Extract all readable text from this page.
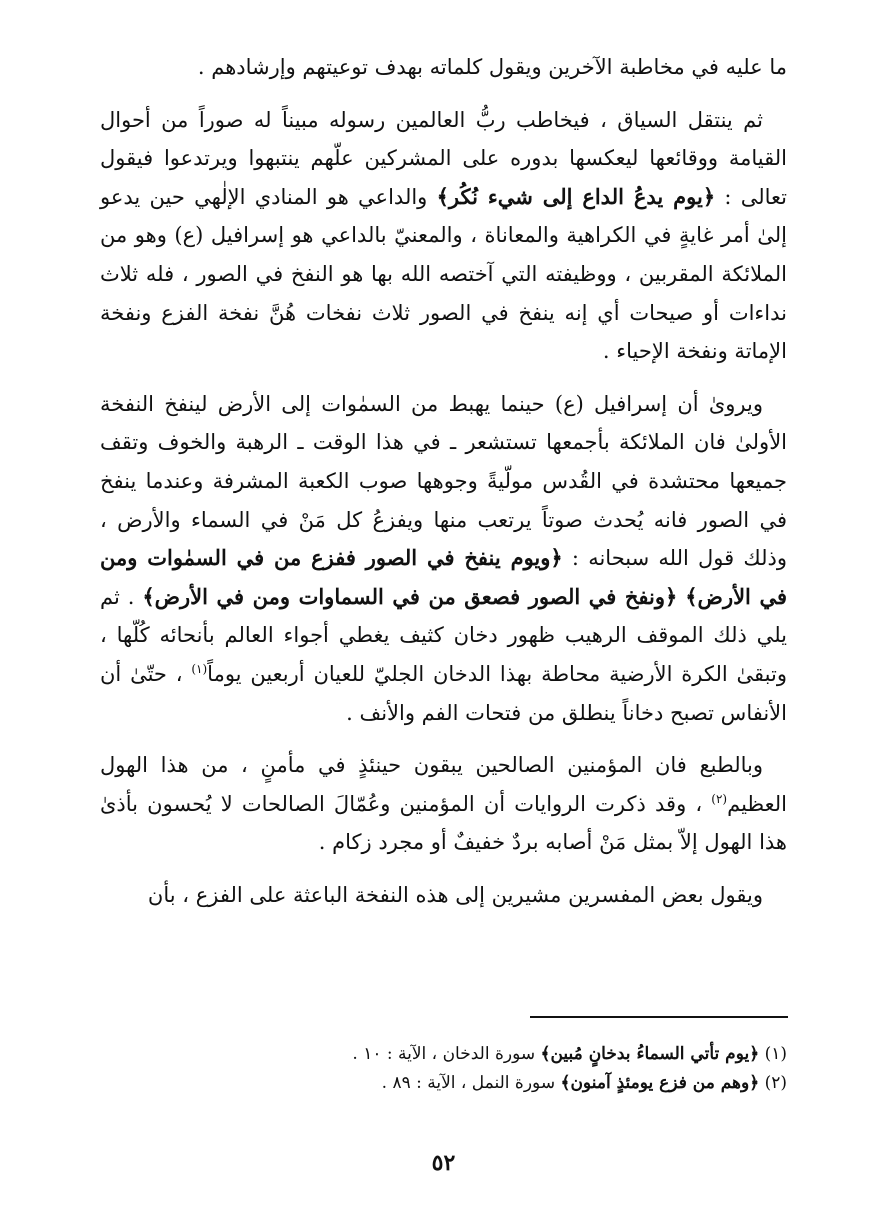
ما عليه في مخاطبة الآخرين ويقول كلماته بهدف توعيتهم وإرشادهم .

ثم ينتقل السياق ، فيخاطب ربُّ العالمين رسوله مبيناً له صوراً من أحوال القيامة ووقائعها ليعكسها بدوره على المشركين علّهم ينتبهوا ويرتدعوا فيقول تعالى : ﴿يوم يدعُ الداع إلى شيء نُكُر﴾ والداعي هو المنادي الإلٰهي حين يدعو إلىٰ أمر غايةٍ في الكراهية والمعاناة ، والمعنيّ بالداعي هو إسرافيل (ع) وهو من الملائكة المقربين ، ووظيفته التي آختصه الله بها هو النفخ في الصور ، فله ثلاث نداءات أو صيحات أي إنه ينفخ في الصور ثلاث نفخات هُنَّ نفخة الفزع ونفخة الإماتة ونفخة الإحياء .

ويروىٰ أن إسرافيل (ع) حينما يهبط من السمٰوات إلى الأرض لينفخ النفخة الأولىٰ فان الملائكة بأجمعها تستشعر ـ في هذا الوقت ـ الرهبة والخوف وتقف جميعها محتشدة في القُدس مولّيةً وجوهها صوب الكعبة المشرفة وعندما ينفخ في الصور فانه يُحدث صوتاً يرتعب منها ويفزعُ كل مَنْ في السماء والأرض ، وذلك قول الله سبحانه : ﴿ويوم ينفخ في الصور ففزع من في السمٰوات ومن في الأرض﴾ ﴿ونفخ في الصور فصعق من في السماوات ومن في الأرض﴾ . ثم يلي ذلك الموقف الرهيب ظهور دخان كثيف يغطي أجواء العالم بأنحائه كُلّها ، وتبقىٰ الكرة الأرضية محاطة بهذا الدخان الجليّ للعيان أربعين يوماً$^{(١)}$ ، حتّىٰ أن الأنفاس تصبح دخاناً ينطلق من فتحات الفم والأنف .

وبالطبع فان المؤمنين الصالحين يبقون حينئذٍ في مأمنٍ ، من هذا الهول العظيم$^{(٢)}$ ، وقد ذكرت الروايات أن المؤمنين وعُمّالَ الصالحات لا يُحسون بأذىٰ هذا الهول إلاّ بمثل مَنْ أصابه بردٌ خفيفٌ أو مجرد زكام .

ويقول بعض المفسرين مشيرين إلى هذه النفخة الباعثة على الفزع ، بأن

(١) ﴿يوم تأتي السماءُ بدخانٍ مُبين﴾ سورة الدخان ، الآية : ١٠ .

(٢) ﴿وهم من فزع يومئذٍ آمنون﴾ سورة النمل ، الآية : ٨٩ .

٥٢
